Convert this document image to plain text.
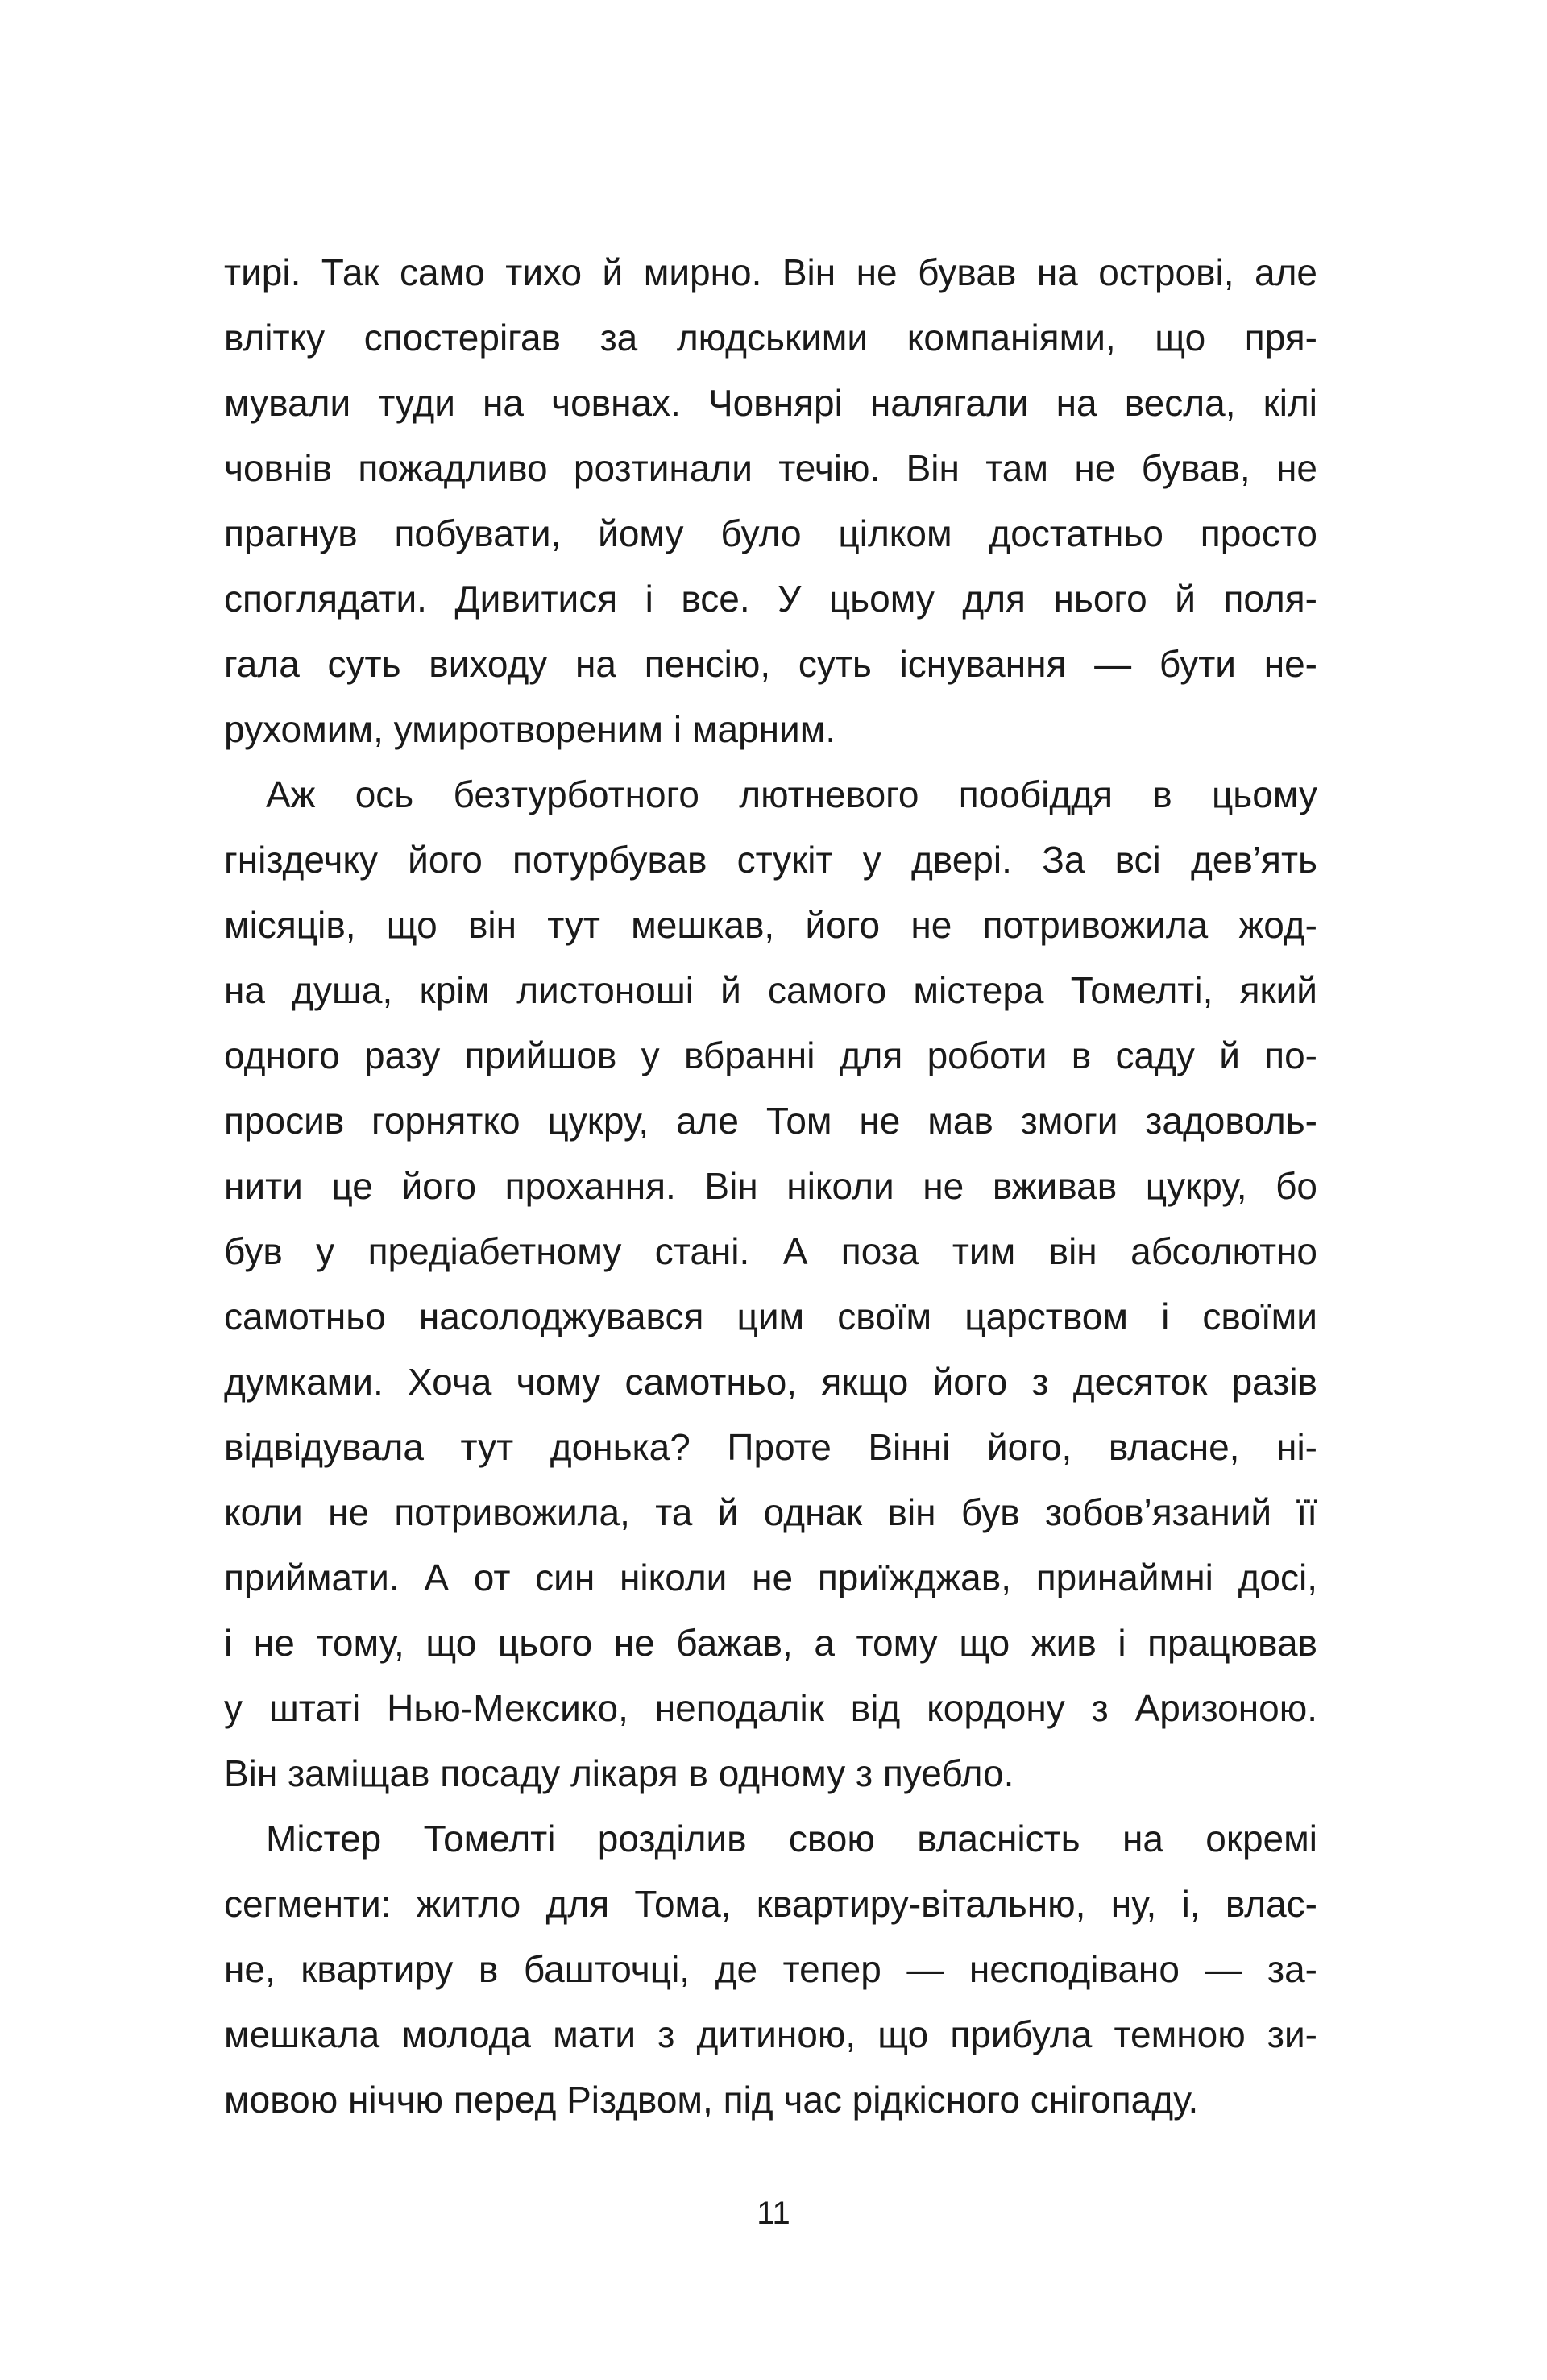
тирі. Так само тихо й мирно. Він не бував на острові, але
влітку спостерігав за людськими компаніями, що пря-
мували туди на човнах. Човнярі налягали на весла, кілі
човнів пожадливо розтинали течію. Він там не бував, не
прагнув побувати, йому було цілком достатньо просто
споглядати. Дивитися і все. У цьому для нього й поля-
гала суть виходу на пенсію, суть існування — бути не-
рухомим, умиротвореним і марним.
Аж ось безтурботного лютневого пообіддя в цьому
гніздечку його потурбував стукіт у двері. За всі дев’ять
місяців, що він тут мешкав, його не потривожила жод-
на душа, крім листоноші й самого містера Томелті, який
одного разу прийшов у вбранні для роботи в саду й по-
просив горнятко цукру, але Том не мав змоги задоволь-
нити це його прохання. Він ніколи не вживав цукру, бо
був у предіабетному стані. А поза тим він абсолютно
самотньо насолоджувався цим своїм царством і своїми
думками. Хоча чому самотньо, якщо його з десяток разів
відвідувала тут донька? Проте Вінні його, власне, ні-
коли не потривожила, та й однак він був зобов’язаний її
приймати. А от син ніколи не приїжджав, принаймні досі,
і не тому, що цього не бажав, а тому що жив і працював
у штаті Нью-Мексико, неподалік від кордону з Аризоною.
Він заміщав посаду лікаря в одному з пуебло.
Містер Томелті розділив свою власність на окремі
сегменти: житло для Тома, квартиру-вітальню, ну, і, влас-
не, квартиру в башточці, де тепер — несподівано — за-
мешкала молода мати з дитиною, що прибула темною зи-
мовою ніччю перед Різдвом, під час рідкісного снігопаду.
11
